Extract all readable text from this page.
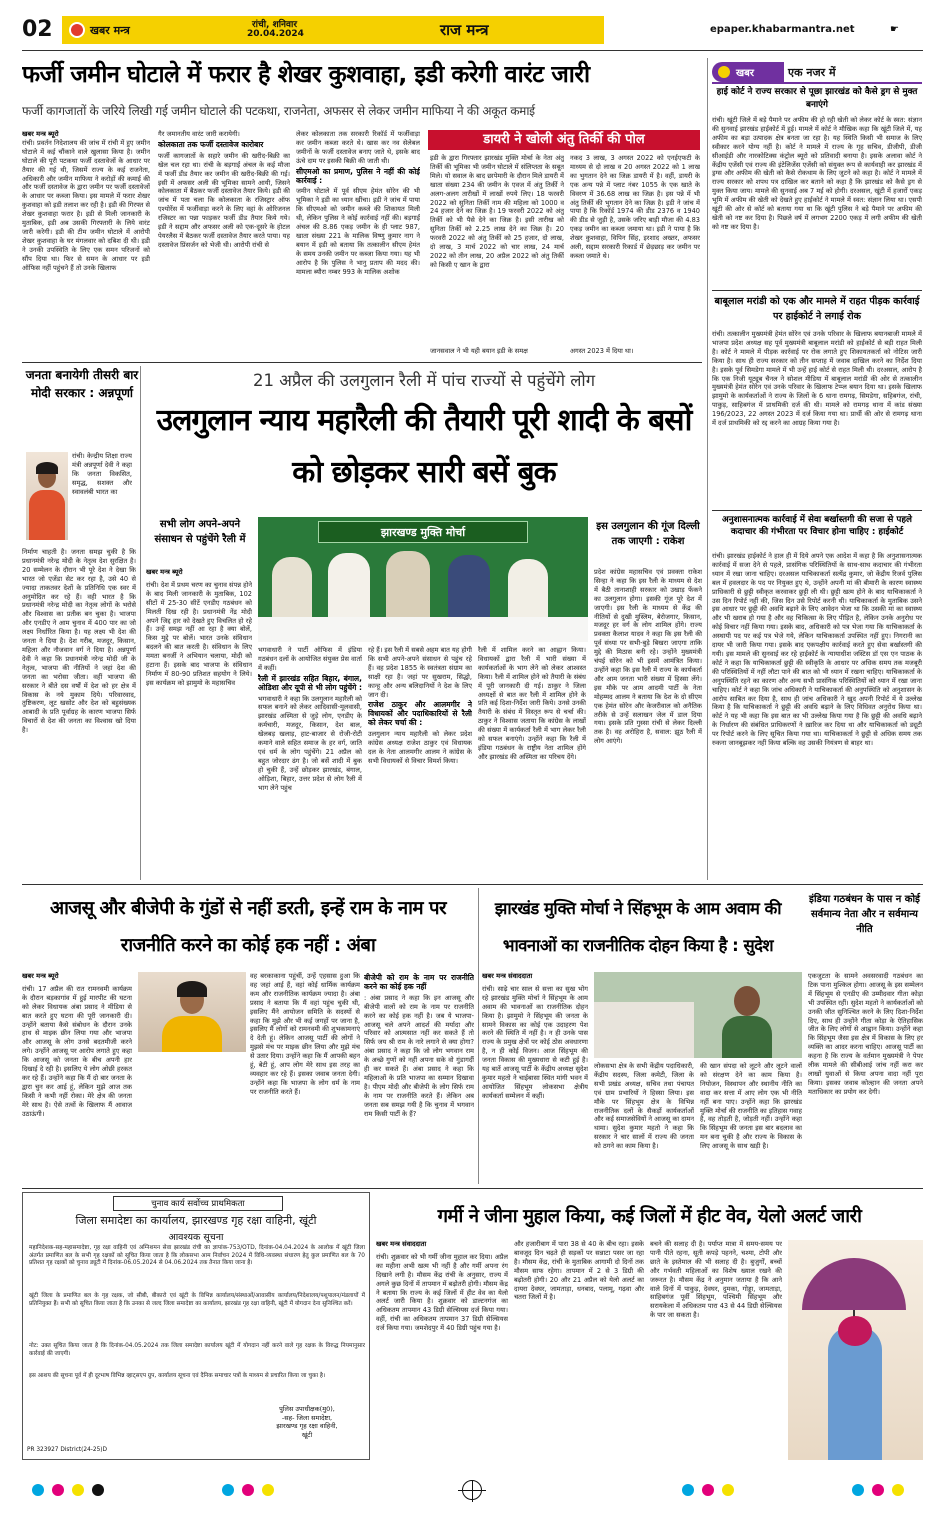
02	खबर मन्त्र	रांची, शनिवार
20.04.2024	राज मन्त्र	epaper.khabarmantra.net	☛
फर्जी जमीन घोटाले में फरार है शेखर कुशवाहा, इडी करेगी वारंट जारी
फर्जी कागजातों के जरिये लिखी गई जमीन घोटाले की पटकथा, राजनेता, अफसर से लेकर जमीन माफिया ने की अकूत कमाई
खबर मन्त्र ब्यूरो

रांची। प्रवर्तन निदेशालय की जांच में रांची में हुए जमीन घोटाले में कई चौंकाने वाले खुलासा किया है। जमीन घोटाले की पूरी पटकथा फर्जी दस्तावेजों के आधार पर तैयार की गई थी, जिसमें राज्य के कई राजनेता, अधिकारी और जमीन माफिया ने करोड़ों की कमाई की और फर्जी दस्तावेज के द्वारा जमीन पर फर्जी दस्तावेजों के आधार पर कब्जा किया। इस मामले में फरार शेखर कुशवाहा को इडी तलाश कर रही है। इडी की गिरफ्त से शेखर कुशवाहा फरार है। इडी से मिली जानकारी के मुताबिक, इडी अब उसकी गिरफ्तारी के लिये वारंट जारी करेगी। इडी की टीम जमीन घोटाले में आरोपी शेखर कुशवाहा के घर मंगलवार को दबिश दी थी। इडी ने उनकी उपस्थिति के लिए एक समन परिजनों को सौंप दिया था। फिर से समन के आधार पर इडी ऑफिस नहीं पहुंचने हैं तो उनके खिलाफ

गैर जमानतीय वारंट जारी करायेगी।

कोलकाता तक फर्जी दस्तावेज कारोबार

फर्जी कागजातों के सहारे जमीन की खरीद-बिक्री का खेल चल रहा था। रांची के बड़गाईं अंचल के कई मौजा में फर्जी डीड तैयार कर जमीन की खरीद-बिक्री की गई। इसी में अफसर अली की भूमिका सामने आयी, जिसने कोलकाता में बैठकर फर्जी दस्तावेज तैयार किये। इडी की जांच में पता चला कि कोलकाता के रजिस्ट्रार ऑफ एश्योरेंस में फर्जीवाड़ा करने के लिए वहां के ओरिजनल रजिस्टर का पन्ना फाड़कर फर्जी डीड तैयार किये गये। इडी ने सद्दाम और अफसर अली को एक-दूसरे के होटल पेयरलैस में बैठकर फर्जी दस्तावेज तैयार करते पाया। यह दस्तावेज प्रिंसर्जन को भेजी थी। आरोपी रांची से

लेकर कोलकाता तक सरकारी रिकॉर्ड में फर्जीवाड़ा कर जमीन कब्जा करते थे। खास कर नव सेलेबल जमीनों के फर्जी दस्तावेज बनाए जाते थे, इसके बाद ऊंचे दाम पर इसकी बिक्री की जाती थी।

सीएमओ का प्रमाण, पुलिस ने नहीं की कोई कार्रवाई :

जमीन घोटाले में पूर्व सीएम हेमंत सोरेन की भी भूमिका ने इडी का ध्यान खींचा। इडी ने जांच में पाया कि सीएमओ को जमीन कब्जे की शिकायत मिली थी, लेकिन पुलिस ने कोई कार्रवाई नहीं की। बड़गाईं अंचल की 8.86 एकड़ जमीन के ही प्लाट 987, खाता संख्या 221 के मालिक विष्णु कुमार नाग ने बयान में इडी को बताया कि तत्कालीन सीएम हेमंत के समय उनकी जमीन पर कब्जा किया गया। यह भी आरोप है कि पुलिस ने भानु प्रताप की मदद की। मामला ब्यौरा नम्बर 993 के मालिक अशोक

डायरी ने खोली अंतु तिर्की की पोल
इडी के द्वारा गिरफ्तार झारखंड मुक्ति मोर्चा के नेता अंतु तिर्की की भूमिका भी जमीन घोटाले में संलिप्तता के सबूत मिले। यो सवाल के बाद छापेमारी के दौरान मिले डायरी में खाता संख्या 234 की जमीन के एवज में अंतु तिर्की ने अलग-अलग तारीखों में लाखों रुपये लिए। 18 फरवरी 2022 को सुनिता तिर्की नाम की महिला को 1000 व 24 हजार देने का जिक्र है। 19 फरवरी 2022 को अंतु तिर्की को भी पैसे देने का जिक्र है। इसी तारीख को सुनिता तिर्की को 2.25 लाख देने का जिक्र है। 20 फरवरी 2022 को अंतु तिर्की को 25 हजार, दो लाख, दो लाख, 3 मार्च 2022 को चार लाख, 24 मार्च 2022 को तीन लाख, 20 अप्रैल 2022 को अंतु तिर्की को किसी ए खान के द्वारा
नकद 3 लाख, 3 अगस्त 2022 को एनईएफटी के माध्यम से दो लाख व 20 अगस्त 2022 को 1 लाख का भुगतान देने का जिक्र डायरी में है। वहीं, डायरी के एक अन्य पन्ने में प्लाट नंबर 1055 के एक खाते के विवरण में 36.68 लाख का जिक्र है। इस पन्ने में भी अंतु तिर्की की भुगतान देने का जिक्र है। इडी ने जांच में पाया है कि रिकॉर्ड 1974 की डीड 2376 व 1940 की डीड से जुड़ी है, उसके जरिए बाड़ी मौजा की 4.83 एकड़ जमीन का कब्जा जमाया था। इडी ने पाया है कि शेखर कुशवाहा, विपिन सिंह, इरशाद अख्तर, अफसर अली, सद्दाम सरकारी रिकार्ड में छेड़छाड़ कर जमीन पर कब्जा जमाते थे।
जानसवाल ने भी यही बयान इडी के समक्ष	अगस्त 2023 में दिया था।
खबर	एक नजर में
हाई कोर्ट ने राज्य सरकार से पूछा झारखंड को कैसे ड्रग से मुक्त बनाएंगे
रांची। खूंटी जिले में बड़े पैमाने पर अफीम की हो रही खेती को लेकर कोर्ट के स्वत: संज्ञान की सुनवाई झारखंड हाईकोर्ट में हुई। मामले में कोर्ट ने मौखिक कहा कि खूंटी जिले में, यह अफीम का बड़ा उत्पादक क्षेत्र बनता जा रहा है। यह स्थिति किसी भी समाज के लिए स्वीकार करने योग्य नहीं है। कोर्ट ने मामले में राज्य के गृह सचिव, डीजीपी, डीजी सीआईडी और नारकोटिक्स कंट्रोल ब्यूरो को प्रतिवादी बनाया है। इसके अलावा कोर्ट ने केंद्रीय एजेंसी एवं राज्य की इंटेलिजेंस एजेंसी को संयुक्त रूप से कार्यवाही कर झारखंड में ड्रग्स और अफीम की खेती को कैसे रोकथाम के लिए जुटने को कहा है। कोर्ट ने मामले में राज्य सरकार को शपथ पत्र दाखिल कर बताने को कहा है कि झारखंड को कैसे ड्रग से मुक्त किया जाय। मामले की सुनवाई अब 7 मई को होगी। दरअसल, खूंटी में हजारों एकड़ भूमि में अफीम की खेती को देखते हुए हाईकोर्ट ने मामले में स्वत: संज्ञान लिया था। एसपी खूंटी की ओर से कोर्ट को बताया गया था कि खूंटी पुलिस ने बड़े पैमाने पर अफीम की खेती को नष्ट कर दिया है। पिछले वर्ष में लगभग 2200 एकड़ में लगी अफीम की खेती को नष्ट कर दिया है।
बाबूलाल मरांडी को एक और मामले में राहत पीड़क कार्रवाई पर हाईकोर्ट ने लगाई रोक
रांची। तत्कालीन मुख्यमंत्री हेमंत सोरेन एवं उनके परिवार के खिलाफ बयानबाजी मामले में भाजपा प्रदेश अध्यक्ष सह पूर्व मुख्यमंत्री बाबूलाल मरांडी को हाईकोर्ट से बड़ी राहत मिली है। कोर्ट ने मामले में पीड़क कार्रवाई पर रोक लगाते हुए शिकायतकर्ता को नोटिस जारी किया है। साथ ही राज्य सरकार को तीन सप्ताह में जवाब दाखिल करने का निर्देश दिया है। इसके पूर्व सिमडेगा मामले में भी उन्हें हाई कोर्ट से राहत मिली थी। दरअसल, आरोप है कि एक निजी यूट्यूब चैनल ने सोशल मीडिया में बाबूलाल मरांडी की ओर से तत्कालीन मुख्यमंत्री हेमंत सोरेन एवं उनके परिवार के खिलाफ टेप्प्ल बयान दिया था। इसके खिलाफ झामुमो के कार्यकर्ताओं ने राज्य के जिलों के 6 थाना रामगढ़, सिमडेगा, सहिबगंज, रांची, पाकुड़, साहिबगंज में प्राथमिकी दर्ज की थी। मामले को रामगढ़ थाना में कांड संख्या 196/2023, 22 अगस्त 2023 में दर्ज किया गया था। प्रार्थी की ओर से रामगढ़ थाना में दर्ज प्राथमिकी को रद्द करने का आग्रह किया गया है।
अनुशासनात्मक कार्रवाई में सेवा बर्खास्तगी की सजा से पहले कदाचार की गंभीरता पर विचार होना चाहिए : हाईकोर्ट
रांची। झारखंड हाईकोर्ट ने हाल ही में दिये अपने एक आदेश में कहा है कि अनुशासनात्मक कार्रवाई में सजा देने से पहले, प्रासंगिक परिस्थितियों के साथ-साथ कदाचार की गंभीरता ध्यान में रखा जाना चाहिए। दरअसल याचिकाकर्ता सत्येंद्र कुमार, जो केंद्रीय रिजर्व पुलिस बल में हवलदार के पद पर नियुक्त हुए थे, उन्होंने अपनी मां की बीमारी के कारण स्वास्थ्य प्राधिकारी से छुट्टी स्वीकृत करवाकर छुट्टी ली थी। छुट्टी खत्म होने के बाद याचिकाकर्ता ने उस दिन रिपोर्ट नहीं की, जिस दिन उसे रिपोर्ट करनी थी। याचिकाकर्ता के मुताबिक उसने इस आधार पर छुट्टी की अवधि बढ़ाने के लिए आवेदन भेजा था कि उसकी मां का स्वास्थ्य और भी खराब हो गया है और वह चिकित्सा के लिए पीड़ित है, लेकिन उनके अनुरोध पर कोई विचार नहीं किया गया। इसके बाद, अधिकारी को पत्र भेजा गया कि याचिकाकर्ता के अस्थायी पद पर कई पत्र भेजे गये, लेकिन याचिकाकर्ता उपस्थित नहीं हुए। निगरानी का दायर भी जारी किया गया। इसके बाद एकपक्षीय कार्रवाई करते हुए सेवा बर्खास्तगी की गयी। इस मामले की सुनवाई कर रहे हाईकोर्ट के न्यायाधीश जस्टिस डॉ एस एन पाठक के कोर्ट ने कहा कि याचिकाकर्ता छुट्टी की स्वीकृति के आधार पर अधिक समय तक मजबूरी की परिस्थितियों में नहीं लौटा पाने की बात को भी ध्यान में रखना चाहिए। याचिकाकर्ता के अनुपस्थिति रहने का कारण और अन्य सभी प्रासंगिक परिस्थितियों को ध्यान में रखा जाना चाहिए। कोर्ट ने कहा कि जांच अधिकारी ने याचिकाकर्ता की अनुपस्थिति को अनुशासन के आरोप साबित कर दिया है, साथ ही जांच अधिकारी ने खुद अपनी रिपोर्ट में ये उल्लेख किया है कि याचिकाकर्ता ने छुट्टी की अवधि बढ़ाने के लिए विधिवत अनुरोध किया था। कोर्ट ने यह भी कहा कि इस बात का भी उल्लेख किया गया है कि छुट्टी की अवधि बढ़ाने के निर्धारण की संबंधित प्राधिकरणों ने ख़ारिज कर दिया था और याचिकाकर्ता को ड्यूटी पर रिपोर्ट करने के लिए सूचित किया गया था। याचिकाकर्ता ने छुट्टी से अधिक समय तक रुकना जानबूझकर नहीं किया बल्कि वह उसकी नियंत्रण से बाहर था।
जनता बनायेगी तीसरी बार मोदी सरकार : अन्नपूर्णा
रांची। केन्द्रीय शिक्षा राज्य मंत्री अन्नपूर्णा देवी ने कहा कि जनता विकसित, समृद्ध, सशक्त और स्वावलंबी भारत का
निर्माण चाहती है। जनता समझ चुकी है कि प्रधानमंत्री नरेन्द्र मोदी के नेतृत्व देश सुरक्षित है। 20 सम्मेलन के दौरान भी पूरे देश ने देखा कि भारत जो एजेंडा सेट कर रहा है, उसे 40 से ज्यादा ताकतवर देशों के प्रतिनिधि एक स्वर में अनुमोदित कर रहे हैं। वही भारत है कि प्रधानमंत्री नरेन्द्र मोदी का नेतृत्व लोगों के भरोसे और विश्वास का प्रतीक बन चुका है। भाजपा और एनडीए ने आम चुनाव में 400 पार का जो लक्ष्य निर्धारित किया है। यह लक्ष्य भी देश की जनता ने दिया है। देश गरीब, मजदूर, किसान, महिला और नौजवान वर्ग ने दिया है। अन्नपूर्णा देवी ने कहा कि प्रधानमंत्री नरेन्द्र मोदी जी के नेतृत्व, भाजपा की नीतियों ने जहां देश की जनता का भरोसा जीता। वहीं भाजपा की सरकार ने बीते दस वर्षों में देश को हर क्षेत्र में विकास के नये मुकाम दिये। परिवारवाद, तुष्टिकरण, लूट खसोट और देश को बहुसंख्यक आबादी के प्रति पूर्वाग्रह के कारण भाजपा सिर्फ विचारों से देश की जनता का विश्वास खो दिया है।
21 अप्रैल की उलगुलान रैली में पांच राज्यों से पहुंचेंगे लोग
उलगुलान न्याय महारैली की तैयारी पूरी शादी के बसों को छोड़कर सारी बसें बुक
सभी लोग अपने-अपने संसाधन से पहुंचेंगे रैली में
खबर मन्त्र ब्यूरो

रांची। देश में प्रथम चरण का चुनाव संपन्न होने के बाद मिली जानकारी के मुताबिक, 102 सीटों में 25-30 सीटें एनडीए गठबंधन को मिलती दिख रही है। प्रधानमंत्री नेंद्र मोदी अपने जिद्द हार को देखते हुए विचलित हो रहे हैं। उन्हें समझ नहीं आ रहा है क्या बोलें, किस मुद्दे पर बोलें। भारत उनके संविधान बदलने की बात करती है। संविधान के लिए ममता बनर्जी ने अभियान चलाया, मोदी को हटाना हैं। इसके बाद भाजपा के संविधान निर्माण में 80-90 प्रतिशत सहयोग ने लिये। इस कार्यक्रम को झामुमो के महासचिव

झारखण्ड मुक्ति मोर्चा

भगवाधारी ने पार्टी ऑफिस में इंडिया गठबंधन दलों के आयोजित संयुक्त प्रेस वार्ता में कहीं।

रैली में झारखंड सहित बिहार, बंगाल, ओडिशा और यूपी से भी लोग पहुंचेंगे :

भगवाधारी ने कहा कि उलगुलान महारैली को सफल बनाने को लेकर आदिवासी-मूलवासी, झारखंड अस्मिता से जुड़े लोग, एनडीए के कर्मचारी, मजदूर, किसान, देश बाल, खेलबड़ खलाड़, हाट-बाजार से रोजी-रोटी कमाने वाले सहित समाज के हर वर्ग, जाति एवं धर्म के लोग पहुंचेंगे। 21 अप्रैल को बहुत जोरदार ढंग है। जो बसें शादी में बुक हो चुकी हैं, उन्हें छोड़कर झारखंड, बंगाल, ओड़िशा, बिहार, उत्तर प्रदेश से लोग रैली में भाग लेने पहुंच

रहे हैं। इस रैली में सबसे अहम बात यह होगी कि सभी अपने-अपने संसाधन से पहुंच रहे हैं। वह प्रदेश 1855 के स्वतंत्रता संग्राम का साक्षी रहा है। जहां पर सुखराम, सिद्धो, कान्हू और अन्य बलिदानियों ने देश के लिए जान दी।

राजेश ठाकुर और आलमगीर ने विधायकों और पदाधिकारियों से रैली को लेकर चर्चा की :

उलगुलान न्याय महारैली को लेकर प्रदेश कांग्रेस अध्यक्ष राजेश ठाकुर एवं विधायक दल के नेता आलमगीर आलम ने कांग्रेस के सभी विधायकों से विचार विमर्श किया।

रैली में शामिल करने का आह्वान किया। विधायकों द्वारा रैली में भारी संख्या में कार्यकर्ताओं के भाग लेने को लेकर आश्वस्त किया। रैली में शामिल होने को तैयारी के संबंध में पूरी जानकारी दी गई। ठाकुर ने जिला अध्यक्षों से बात कर रैली में शामिल होने के प्रति कई दिशा-निर्देश जारी किये। उनसे उनकी तैयारी के संबंध में विस्तृत रूप से चर्चा की। ठाकुर ने विश्वास जताया कि कांग्रेस के लाखों की संख्या में कार्यकर्ता रैली में भाग लेकर रैली को सफल बनाएंगे। उन्होंने कहा कि रैली में इंडिया गठबंधन के राष्ट्रीय नेता शामिल होंगे और झारखंड की अस्मिता का परिचय देंगे।
इस उलगुलान की गूंज दिल्ली तक जाएगी : राकेश
प्रदेश कांग्रेस महासचिव एवं प्रवक्ता राकेश सिन्हा ने कहा कि इस रैली के माध्यम से देश में बैठी तानाशाही सरकार को उखाड़ फेंकने का उलगुलान होगा। इसकी गूंज पूरे देश में जाएगी। इस रैली के माध्यम से केंद्र की नीतियों से दुखी मुस्लिम, बेरोजगार, किसान, मजदूर हर वर्ग के लोग शामिल होंगे। राज्य प्रवक्ता कैलाश यादव ने कहा कि इस रैली की पूर्व संध्या पर सभी-बुड़े बिखरा जाएगा ताकि मुद्दे की मिठास बनी रहे। उन्होंने मुख्यमंत्री चंपई सोरेन को भी इसमें आमंत्रित किया। उन्होंने कहा कि इस रैली में राज्य के कार्यकर्ता और आम जनता भारी संख्या में हिस्सा लेंगे। इस मौके पर आम आदमी पार्टी के नेता मोहम्मद आलम ने बताया कि देश के दो सीएम एक हेमंत सोरेन और केजरीवाल को अनैतिक तरीके से उन्हें सलाखन जेल में डाल दिया गया। इसके प्रति गुस्सा रांची से लेकर दिल्ली तक है। वह अरोहिरा है, सवाल: झूठ रैली में लोग आएंगे।
आजसू और बीजेपी के गुंडों से नहीं डरती, इन्हें राम के नाम पर राजनीति करने का कोई हक नहीं : अंबा
खबर मन्त्र ब्यूरो

रांची। 17 अप्रैल की रात रामनवमी कार्यक्रम के दौरान बड़कागांव में हुई मारपीट की घटना को लेकर विधायक अंबा प्रसाद ने मीडिया से बात करते हुए घटना की पूरी जानकारी दी। उन्होंने बताया कैसे संबोधन के दौरान उनके हाथ से माइक छीन लिया गया और भाजपा और आजसू के लोग उनसे बदतमीजी करने लगे। उन्होंने आजसू पर आरोप लगाते हुए कहा कि आजसू को जनता के बीच अपनी हार दिखाई दे रही है। इसलिए ये लोग ओछी हरकत कर रहे हैं। उन्होंने कहा कि मैं दो बार जनता के द्वारा चुन कर आई हूं, लेकिन मुझे आज तक किसी ने कभी नहीं रोका। मेरे क्षेत्र की जनता मेरे साथ है। ऐसे तत्वों के खिलाफ मैं आवाज उठाऊंगी।

वह बरकाकाना पहुंचीं, उन्हें एहसास हुआ कि वह जहां आई हैं, वहां कोई धार्मिक कार्यक्रम कम और राजनीतिक कार्यक्रम ज्यादा है। अंबा प्रसाद ने बताया कि मैं वहां पहुंच चुकी थी, इसलिए मैंने आयोजन समिति के सदस्यों से कहा कि मुझे और भी कई जगहों पर जाना है, इसलिए मैं लोगों को रामनवमी की शुभकामनाएं दे देती हूं। लेकिन आजसू पार्टी की लोगों ने मुझसे मंच पर माइक छीन लिया और मुझे मंच से उतार दिया। उन्होंने कहा कि मैं आपकी बहन हूं, बेटी हूं, आप लोग मेरे साथ इस तरह का व्यवहार कर रहे हैं। इसका जवाब जनता देगी। उन्होंने कहा कि भाजपा के लोग धर्म के नाम पर राजनीति करते हैं।
बीजेपी को राम के नाम पर राजनीति करने का कोई हक नहीं

: अंबा प्रसाद ने कहा कि इन आजसू और बीजेपी वालों को राम के नाम पर राजनीति करने का कोई हक नहीं है। जब ये भाजपा-आजसू चले अपने आदर्श की मर्यादा और परिवार को आत्मसात नहीं कर सकते हैं तो सिर्फ जय श्री राम के नारे लगाने से क्या होगा? अंबा प्रसाद ने कहा कि जो लोग भगवान राम के अच्छे गुणों को नहीं अपना सके वो गुंडागर्दी ही कर सकते हैं। अंबा प्रसाद ने कहा कि महिलाओं के प्रति भाजपा का सम्मान दिखावा है। पीएम मोदी और बीजेपी के लोग सिर्फ राम के नाम पर राजनीति करते हैं। लेकिन अब जनता सब समझ गयी है कि चुनाव में भगवान राम किसी पार्टी के हैं?

झारखंड मुक्ति मोर्चा ने सिंहभूम के आम अवाम की भावनाओं का राजनीतिक दोहन किया है : सुदेश
खबर मन्त्र संवाददाता

रांची। साढ़े चार साल से सत्ता का सुख भोग रहे झारखंड मुक्ति मोर्चा ने सिंहभूम के आम अवाम की भावनाओं का राजनीतिक दोहन किया है। झामुमो ने सिंहभूम की जनता के सामने विकास का कोई एक उदाहरण पेश करने की स्थिति में नहीं है। न ही उनके पास राज्य के प्रमुख क्षेत्रों पर कोई ठोस अवधारणा है, न ही कोई विजन। आज सिंहभूम की जनता विकास की मुख्यधारा से कटी हुई है। यह बातें आजसू पार्टी के केंद्रीय अध्यक्ष सुदेश कुमार महतो ने चाईबासा स्थित मांगी भवन में आयोजित सिंहभूम लोकसभा क्षेत्रीय कार्यकर्ता सम्मेलन में कहीं।

लोकसभा क्षेत्र के सभी केंद्रीय पदाधिकारी, केंद्रीय सदस्य, जिला कमेटी, जिला के सभी प्रखंड अध्यक्ष, सचिव तथा पंचायत एवं ग्राम प्रभारियों ने हिस्सा लिया। इस मौके पर सिंहभूम क्षेत्र के विभिन्न राजनीतिक दलों के सैकड़ों कार्यकर्ताओं और कई समाजसेवियों ने आजसू का दामन थामा। सुदेश कुमार महतो ने कहा कि सरकार ने चार सालों में राज्य की जनता को ठगने का काम किया है।
की खान संपदा को लूटने और लूटने वालों को संरक्षण देने का काम किया है। नियोजन, विस्थापन और स्थानीय नीति का वादा कर सत्ता में आए लोग एक भी नीति नहीं बना पाए। उन्होंने कहा कि झारखंड मुक्ति मोर्चा की राजनीति का इतिहास गवाह है, वह तोड़ती है, जोड़ती नहीं। उन्होंने कहा कि सिंहभूम की जनता इस बार बदलाव का मन बना चुकी है और राज्य के विकास के लिए आजसू के साथ खड़ी है।
इंडिया गठबंधन के पास न कोई सर्वमान्य नेता और न सर्वमान्य नीति
एकजुटता के सामने अवसरवादी गठबंधन का टिक पाना मुश्किल होगा। आजसू के इस सम्मेलन में सिंहभूम से एनडीए की उम्मीदवार गीता कोड़ा भी उपस्थित रहीं। सुदेश महतो ने कार्यकर्ताओं को उनकी जीत सुनिश्चित करने के लिए दिशा-निर्देश दिए, साथ ही उन्होंने गीता कोड़ा के ऐतिहासिक जीत के लिए लोगों से आह्वान किया। उन्होंने कहा कि सिंहभूम जैसा इस क्षेत्र में विकास के लिए हर व्यक्ति का आदर करना चाहिए। आजसू पार्टी का कहना है कि राज्य के वर्तमान मुख्यमंत्री ने पेपर लीक मामले की सीबीआई जांच नहीं करा कर लाखों युवाओं से किया अपना वादा नहीं पूरा किया। इसका जवाब कोल्हान की जनता अपने मताधिकार का प्रयोग कर देगी।
चुनाव कार्य सर्वोच्च प्राथमिकता
जिला समादेष्टा का कार्यालय, झारखण्ड गृह रक्षा वाहिनी, खूंटी
आवश्यक सूचना
महानिदेशक-सह-महासमादेष्टा, गृह रक्षा वाहिनी एवं अग्निशमन सेवा झारखंड रांची का ज्ञापांक-753/OTD, दिनांक-04.04.2024 के आलोक में खूंटी जिला अंतर्गत प्रमाणित बल के सभी गृह रक्षकों को सूचित किया जाता है कि लोकसभा आम निर्वाचन 2024 में विधि-व्यवस्था संधारण हेतु कुल प्रमाणित बल के 70 प्रतिशत गृह रक्षकों को चुनाव ड्यूटी में दिनांक-06.05.2024 से 04.06.2024 तक तैनात किया जाना है।
खूंटी जिला के प्रमाणित बल के गृह रक्षक, जो सीबी, बीकारो एवं खूंटी के विभिन्न कार्यालय/संस्थाओं/आवासीय कार्यालय/निदेशालय/पशुपालन/मंडलायों में प्रतिनियुक्त हैं। सभी को सूचित किया जाता है कि उनका से जल्द जिला समादेष्टा का कार्यालय, झारखंड गृह रक्षा वाहिनी, खूंटी में योगदान देना सुनिश्चित करें।
नोट: उक्त सूचित किया जाता है कि दिनांक-04.05.2024 तक जिला समादेष्टा कार्यालय खूंटी में योगदान नहीं करने वाले गृह रक्षक के विरुद्ध नियमानुसार कार्रवाई की जाएगी।
इस आशय की सूचना पूर्व में ही दूरभाष विभिन्न व्हाट्सएप ग्रुप, कार्यालय सूचना एवं दैनिक समाचार पत्रों के माध्यम से प्रचारित किया जा चुका है।
पुलिस उपाधीक्षक(मु0),
-सह- जिला समादेष्टा,
झारखण्ड गृह रक्षा वाहिनी,
खूंटी
PR 323927 District(24-25)D
गर्मी ने जीना मुहाल किया, कई जिलों में हीट वेव, येलो अलर्ट जारी
खबर मन्त्र संवाददाता

रांची। शुक्रवार को भी गर्मी जीना मुहाल कर दिया। अप्रैल का महीना अभी खत्म भी नहीं है और गर्मी अपना रंग दिखाने लगी है। मौसम केंद्र रांची के अनुसार, राज्य में अगले कुछ दिनों में तापमान में बढ़ोतरी होगी। मौसम केंद्र ने बताया कि राज्य के कई जिलों में हीट वेव का येलो अलर्ट जारी किया है। शुक्रवार को डाल्टनगंज का अधिकतम तापमान 43 डिग्री सेल्सियस दर्ज किया गया। वहीं, रांची का अधिकतम तापमान 37 डिग्री सेल्सियस दर्ज किया गया। जमशेदपुर में 40 डिग्री पहुंच गया है।

और हजारीबाग में पारा 38 से 40 के बीच रहा। इसके बावजूद दिन चढ़ते ही सड़कों पर सन्नाटा पसर जा रहा है। मौसम केंद्र, रांची के मुताबिक आगामी दो दिनों तक मौसम साफ रहेगा। तापमान में 2 से 3 डिग्री की बढ़ोतरी होगी। 20 और 21 अप्रैल को येलो अलर्ट का दायरा देवघर, जामताड़ा, धनबाद, पलामू, गढ़वा और चतरा जिलों में है।
बचने की सलाह दी है। पर्याप्त मात्रा में समय-समय पर पानी पीते रहना, सूती कपड़े पहनने, चश्मा, टोपी और छाते के इस्तेमाल की भी सलाह दी है। बुजुर्गों, बच्चों और गर्भवती महिलाओं का विशेष ख्याल रखने की जरूरत है। मौसम केंद्र ने अनुमान जताया है कि आने वाले दिनों में पाकुड़, देवघर, दुमका, गोड्डा, जामताड़ा, साहिबगंज पूर्वी सिंहभूम, पश्चिमी सिंहभूम और सरायकेला में अधिकतम पारा 43 से 44 डिग्री सेल्सियस के पार जा सकता है।
